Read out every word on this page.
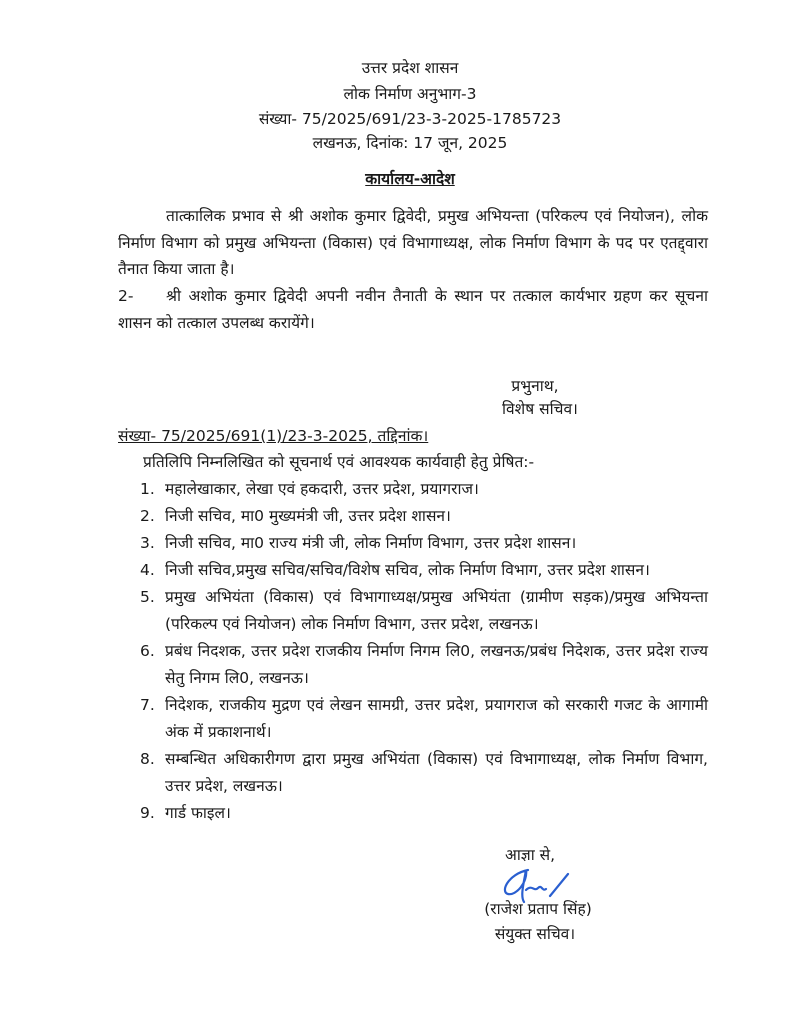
उत्तर प्रदेश शासन
लोक निर्माण अनुभाग-3
संख्या- 75/2025/691/23-3-2025-1785723
लखनऊ, दिनांक: 17 जून, 2025
कार्यालय-आदेश
तात्कालिक प्रभाव से श्री अशोक कुमार द्विवेदी, प्रमुख अभियन्ता (परिकल्प एवं नियोजन), लोक निर्माण विभाग को प्रमुख अभियन्ता (विकास) एवं विभागाध्यक्ष, लोक निर्माण विभाग के पद पर एतद्द्वारा तैनात किया जाता है।
2- श्री अशोक कुमार द्विवेदी अपनी नवीन तैनाती के स्थान पर तत्काल कार्यभार ग्रहण कर सूचना शासन को तत्काल उपलब्ध करायेंगे।
प्रभुनाथ,
विशेष सचिव।
संख्या- 75/2025/691(1)/23-3-2025, तद्दिनांक।
प्रतिलिपि निम्नलिखित को सूचनार्थ एवं आवश्यक कार्यवाही हेतु प्रेषित:-
1. महालेखाकार, लेखा एवं हकदारी, उत्तर प्रदेश, प्रयागराज।
2. निजी सचिव, मा0 मुख्यमंत्री जी, उत्तर प्रदेश शासन।
3. निजी सचिव, मा0 राज्य मंत्री जी, लोक निर्माण विभाग, उत्तर प्रदेश शासन।
4. निजी सचिव,प्रमुख सचिव/सचिव/विशेष सचिव, लोक निर्माण विभाग, उत्तर प्रदेश शासन।
5. प्रमुख अभियंता (विकास) एवं विभागाध्यक्ष/प्रमुख अभियंता (ग्रामीण सड़क)/प्रमुख अभियन्ता (परिकल्प एवं नियोजन) लोक निर्माण विभाग, उत्तर प्रदेश, लखनऊ।
6. प्रबंध निदशक, उत्तर प्रदेश राजकीय निर्माण निगम लि0, लखनऊ/प्रबंध निदेशक, उत्तर प्रदेश राज्य सेतु निगम लि0, लखनऊ।
7. निदेशक, राजकीय मुद्रण एवं लेखन सामग्री, उत्तर प्रदेश, प्रयागराज को सरकारी गजट के आगामी अंक में प्रकाशनार्थ।
8. सम्बन्धित अधिकारीगण द्वारा प्रमुख अभियंता (विकास) एवं विभागाध्यक्ष, लोक निर्माण विभाग, उत्तर प्रदेश, लखनऊ।
9. गार्ड फाइल।
आज्ञा से,
(राजेश प्रताप सिंह)
संयुक्त सचिव।
